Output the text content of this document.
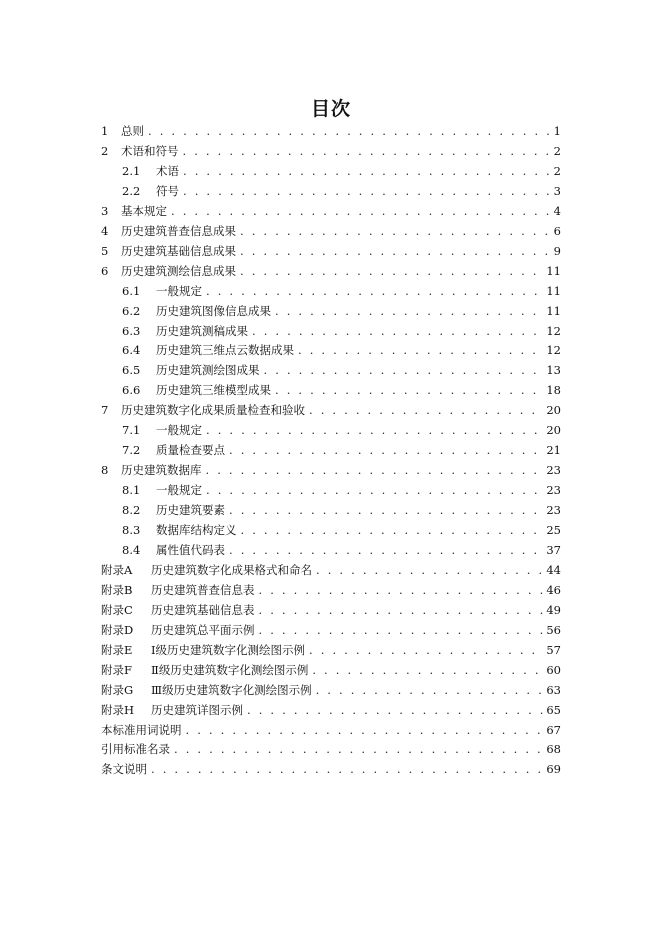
目次
1	总则 . . .	1
2	术语和符号 . . .	2
2.1	术语 . . .	2
2.2	符号 . . .	3
3	基本规定 . . .	4
4	历史建筑普查信息成果 . . .	6
5	历史建筑基础信息成果 . . .	9
6	历史建筑测绘信息成果 . . .	11
6.1	一般规定 . . .	11
6.2	历史建筑图像信息成果 . . .	11
6.3	历史建筑测稿成果 . . .	12
6.4	历史建筑三维点云数据成果 . . .	12
6.5	历史建筑测绘图成果 . . .	13
6.6	历史建筑三维模型成果 . . .	18
7	历史建筑数字化成果质量检查和验收 . . .	20
7.1	一般规定 . . .	20
7.2	质量检查要点 . . .	21
8	历史建筑数据库 . . .	23
8.1	一般规定 . . .	23
8.2	历史建筑要素 . . .	23
8.3	数据库结构定义 . . .	25
8.4	属性值代码表 . . .	37
附录A	历史建筑数字化成果格式和命名 . . .	44
附录B	历史建筑普查信息表 . . .	46
附录C	历史建筑基础信息表 . . .	49
附录D	历史建筑总平面示例 . . .	56
附录E	Ⅰ级历史建筑数字化测绘图示例 . . .	57
附录F	Ⅱ级历史建筑数字化测绘图示例 . . .	60
附录G	Ⅲ级历史建筑数字化测绘图示例 . . .	63
附录H	历史建筑详图示例 . . .	65
本标准用词说明 . . .	67
引用标准名录 . . .	68
条文说明 . . .	69
